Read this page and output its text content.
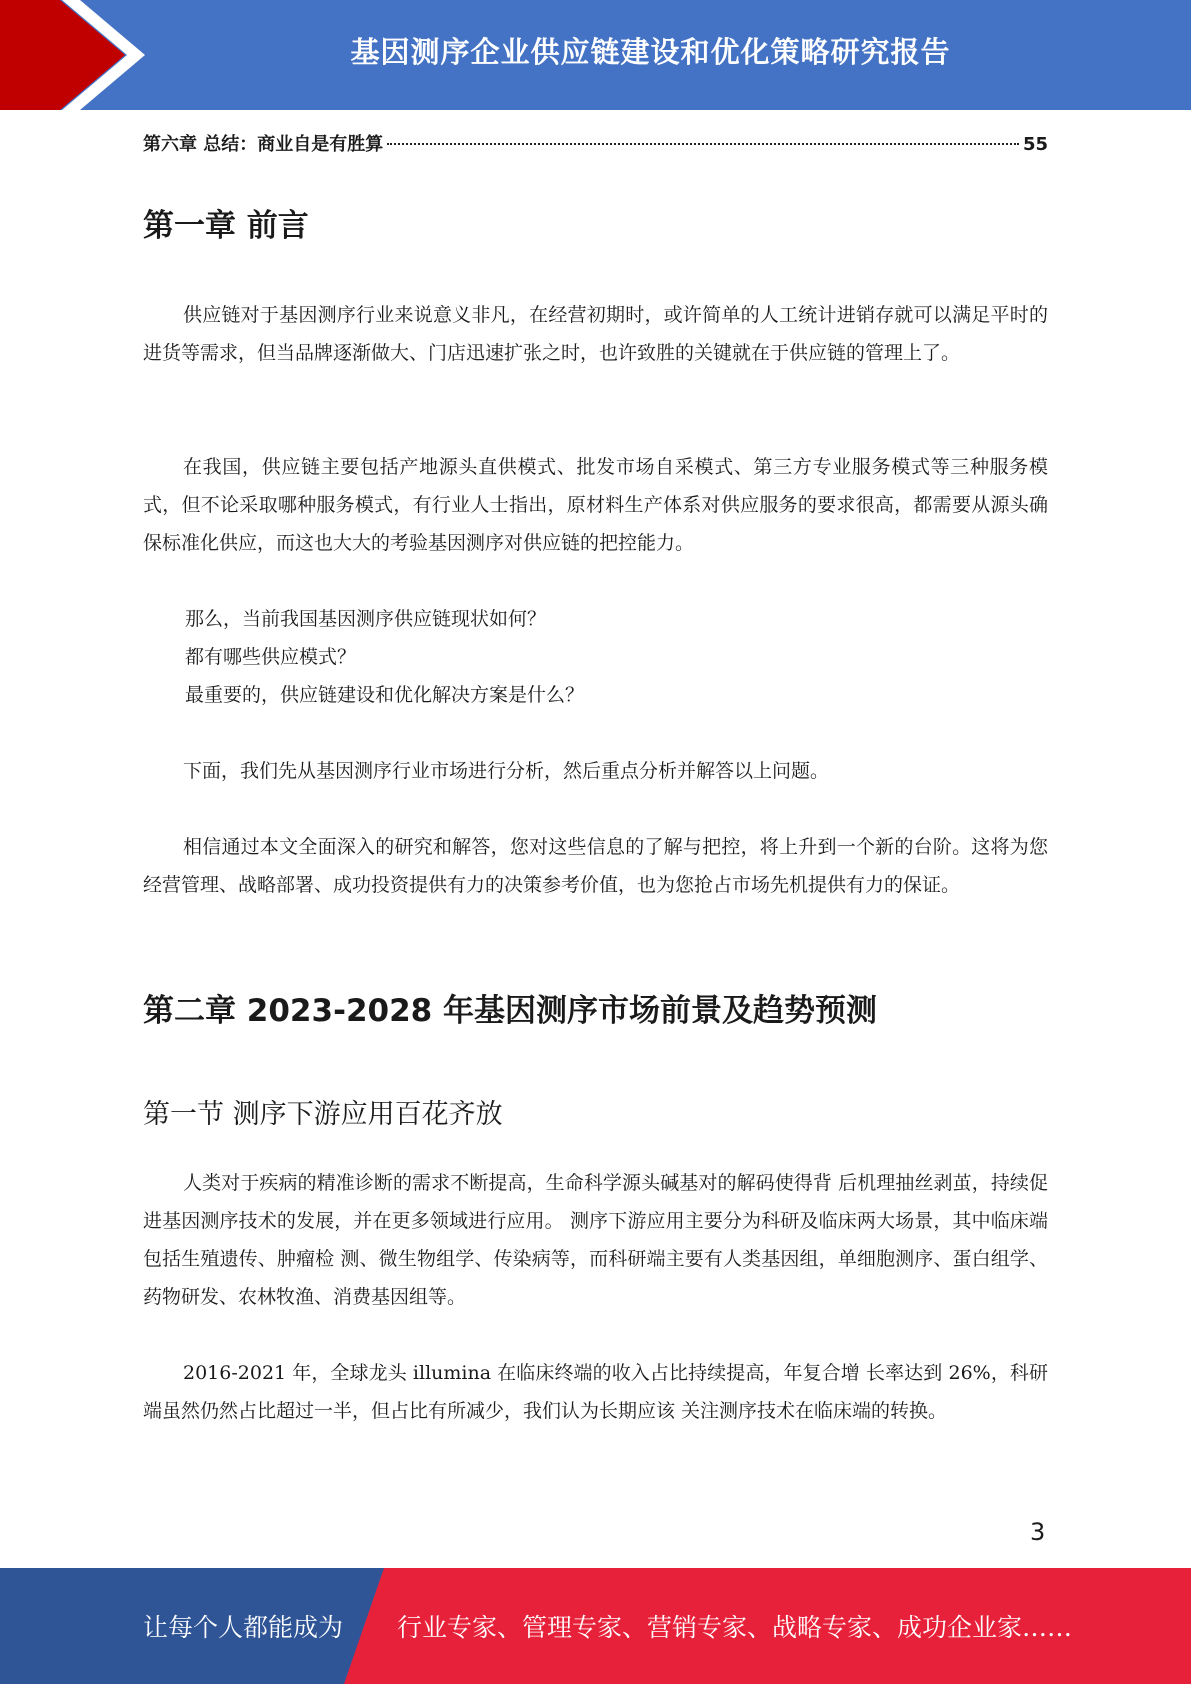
基因测序企业供应链建设和优化策略研究报告
第六章 总结：商业自是有胜算	55
第一章 前言

供应链对于基因测序行业来说意义非凡，在经营初期时，或许简单的人工统计进销存就可以满足平时的进货等需求，但当品牌逐渐做大、门店迅速扩张之时，也许致胜的关键就在于供应链的管理上了。

在我国，供应链主要包括产地源头直供模式、批发市场自采模式、第三方专业服务模式等三种服务模式，但不论采取哪种服务模式，有行业人士指出，原材料生产体系对供应服务的要求很高，都需要从源头确保标准化供应，而这也大大的考验基因测序对供应链的把控能力。

那么，当前我国基因测序供应链现状如何？
都有哪些供应模式？
最重要的，供应链建设和优化解决方案是什么？

下面，我们先从基因测序行业市场进行分析，然后重点分析并解答以上问题。

相信通过本文全面深入的研究和解答，您对这些信息的了解与把控，将上升到一个新的台阶。这将为您经营管理、战略部署、成功投资提供有力的决策参考价值，也为您抢占市场先机提供有力的保证。

第二章 2023-2028 年基因测序市场前景及趋势预测
第一节 测序下游应用百花齐放

人类对于疾病的精准诊断的需求不断提高，生命科学源头碱基对的解码使得背 后机理抽丝剥茧，持续促进基因测序技术的发展，并在更多领域进行应用。 测序下游应用主要分为科研及临床两大场景，其中临床端包括生殖遗传、肿瘤检 测、微生物组学、传染病等，而科研端主要有人类基因组，单细胞测序、蛋白组学、 药物研发、农林牧渔、消费基因组等。

2016-2021 年，全球龙头 illumina 在临床终端的收入占比持续提高，年复合增 长率达到 26%，科研端虽然仍然占比超过一半，但占比有所减少，我们认为长期应该 关注测序技术在临床端的转换。

3
让每个人都能成为 行业专家、管理专家、营销专家、战略专家、成功企业家……
